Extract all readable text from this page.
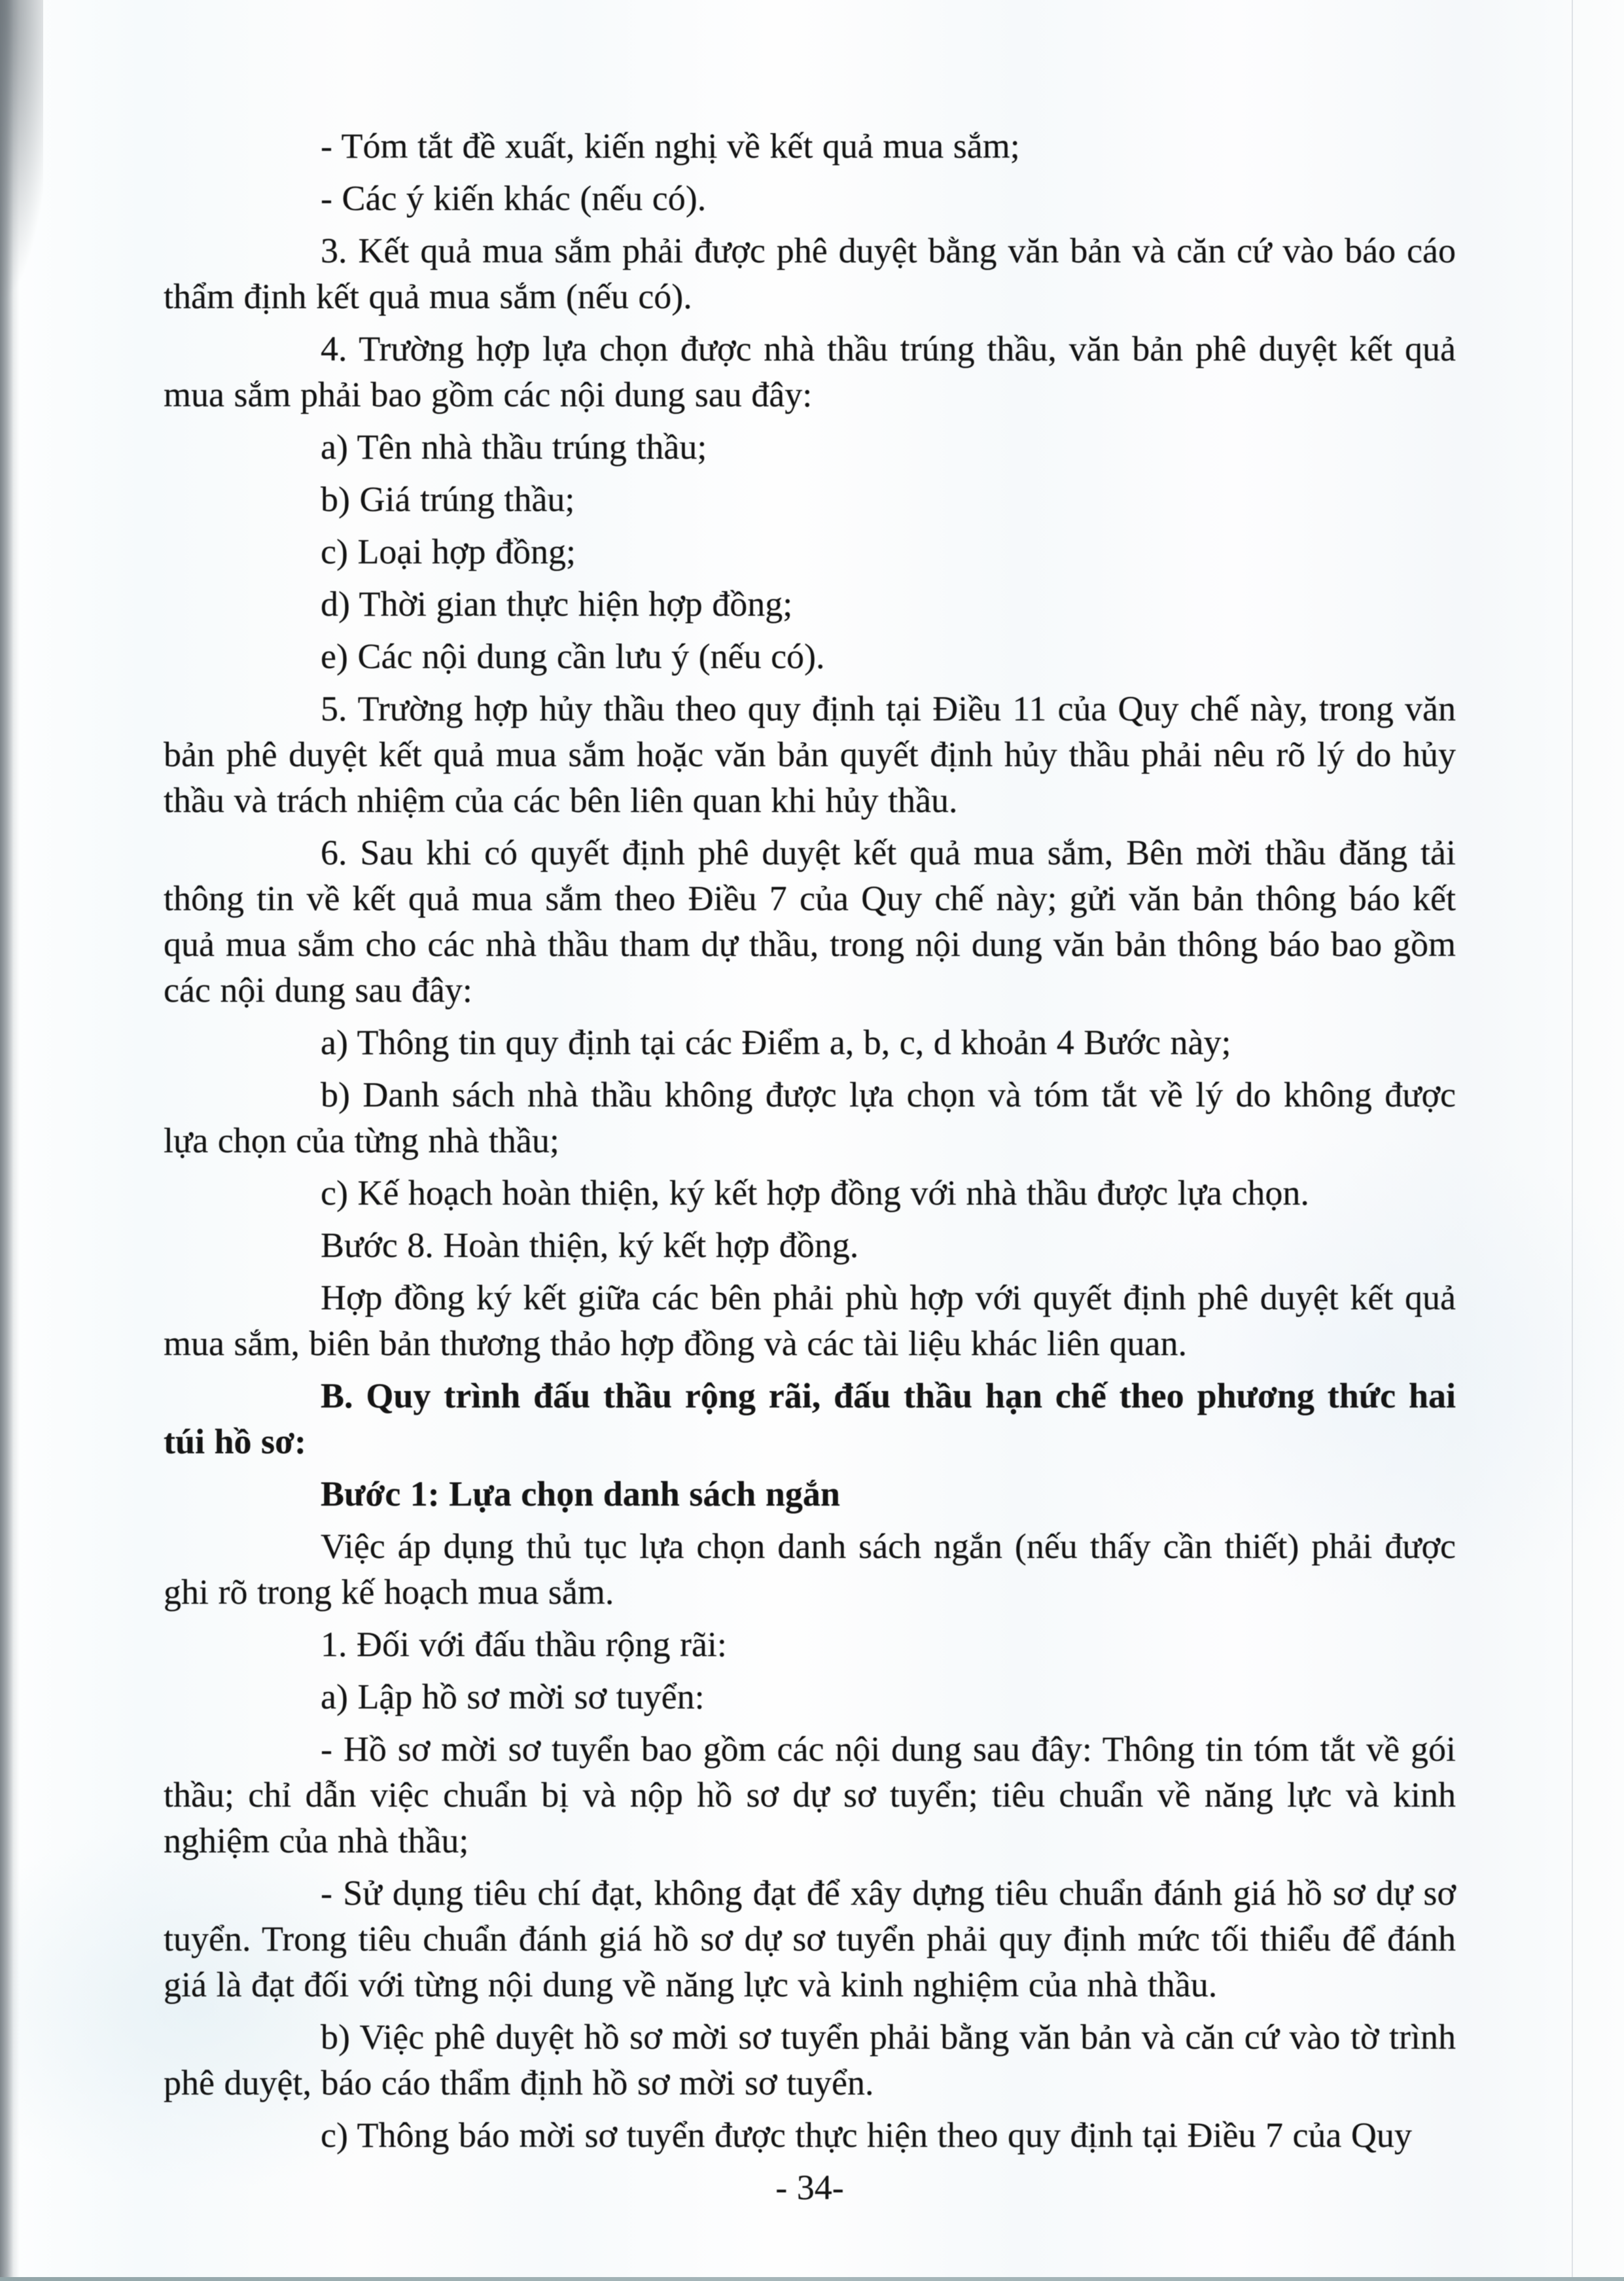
- Tóm tắt đề xuất, kiến nghị về kết quả mua sắm;

- Các ý kiến khác (nếu có).

3. Kết quả mua sắm phải được phê duyệt bằng văn bản và căn cứ vào báo cáo thẩm định kết quả mua sắm (nếu có).

4. Trường hợp lựa chọn được nhà thầu trúng thầu, văn bản phê duyệt kết quả mua sắm phải bao gồm các nội dung sau đây:

a) Tên nhà thầu trúng thầu;

b) Giá trúng thầu;

c) Loại hợp đồng;

d) Thời gian thực hiện hợp đồng;

e) Các nội dung cần lưu ý (nếu có).

5. Trường hợp hủy thầu theo quy định tại Điều 11 của Quy chế này, trong văn bản phê duyệt kết quả mua sắm hoặc văn bản quyết định hủy thầu phải nêu rõ lý do hủy thầu và trách nhiệm của các bên liên quan khi hủy thầu.

6. Sau khi có quyết định phê duyệt kết quả mua sắm, Bên mời thầu đăng tải thông tin về kết quả mua sắm theo Điều 7 của Quy chế này; gửi văn bản thông báo kết quả mua sắm cho các nhà thầu tham dự thầu, trong nội dung văn bản thông báo bao gồm các nội dung sau đây:

a) Thông tin quy định tại các Điểm a, b, c, d khoản 4 Bước này;

b) Danh sách nhà thầu không được lựa chọn và tóm tắt về lý do không được lựa chọn của từng nhà thầu;

c) Kế hoạch hoàn thiện, ký kết hợp đồng với nhà thầu được lựa chọn.

Bước 8. Hoàn thiện, ký kết hợp đồng.

Hợp đồng ký kết giữa các bên phải phù hợp với quyết định phê duyệt kết quả mua sắm, biên bản thương thảo hợp đồng và các tài liệu khác liên quan.

B. Quy trình đấu thầu rộng rãi, đấu thầu hạn chế theo phương thức hai túi hồ sơ:

Bước 1: Lựa chọn danh sách ngắn

Việc áp dụng thủ tục lựa chọn danh sách ngắn (nếu thấy cần thiết) phải được ghi rõ trong kế hoạch mua sắm.

1. Đối với đấu thầu rộng rãi:

a) Lập hồ sơ mời sơ tuyển:

- Hồ sơ mời sơ tuyển bao gồm các nội dung sau đây: Thông tin tóm tắt về gói thầu; chỉ dẫn việc chuẩn bị và nộp hồ sơ dự sơ tuyển; tiêu chuẩn về năng lực và kinh nghiệm của nhà thầu;

- Sử dụng tiêu chí đạt, không đạt để xây dựng tiêu chuẩn đánh giá hồ sơ dự sơ tuyển. Trong tiêu chuẩn đánh giá hồ sơ dự sơ tuyển phải quy định mức tối thiểu để đánh giá là đạt đối với từng nội dung về năng lực và kinh nghiệm của nhà thầu.

b) Việc phê duyệt hồ sơ mời sơ tuyển phải bằng văn bản và căn cứ vào tờ trình phê duyệt, báo cáo thẩm định hồ sơ mời sơ tuyển.

c) Thông báo mời sơ tuyển được thực hiện theo quy định tại Điều 7 của Quy

- 34-
